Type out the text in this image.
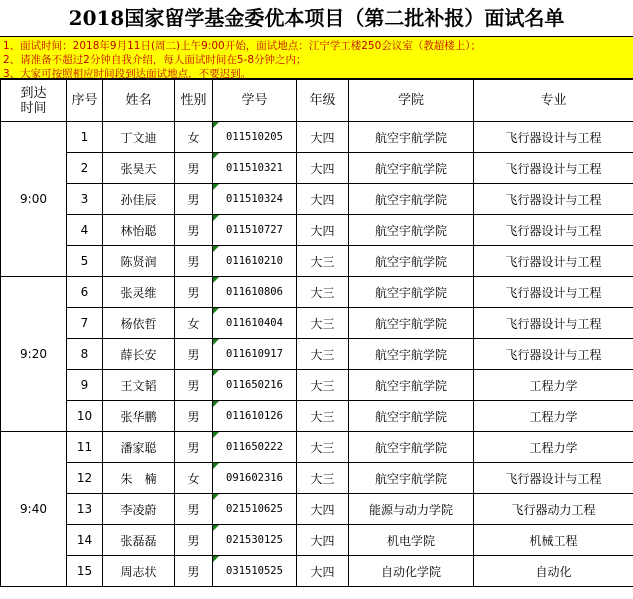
2018国家留学基金委优本项目（第二批补报）面试名单
1、面试时间：2018年9月11日(周二)上午9:00开始，面试地点：江宁学工楼250会议室（教超楼上）；
2、请准备不超过2分钟自我介绍，每人面试时间在5-8分钟之内；
3、大家可按照相应时间段到达面试地点，不要迟到。
到达时间	序号	姓名	性别	学号	年级	学院	专业
9:00	1	丁文迪	女	011510205	大四	航空宇航学院	飞行器设计与工程
	2	张昊天	男	011510321	大四	航空宇航学院	飞行器设计与工程
	3	孙佳辰	男	011510324	大四	航空宇航学院	飞行器设计与工程
	4	林怡聪	男	011510727	大四	航空宇航学院	飞行器设计与工程
	5	陈贤润	男	011610210	大三	航空宇航学院	飞行器设计与工程
9:20	6	张灵维	男	011610806	大三	航空宇航学院	飞行器设计与工程
	7	杨依哲	女	011610404	大三	航空宇航学院	飞行器设计与工程
	8	薛长安	男	011610917	大三	航空宇航学院	飞行器设计与工程
	9	王文韬	男	011650216	大三	航空宇航学院	工程力学
	10	张华鹏	男	011610126	大三	航空宇航学院	工程力学
9:40	11	潘家聪	男	011650222	大三	航空宇航学院	工程力学
	12	朱　楠	女	091602316	大三	航空宇航学院	飞行器设计与工程
	13	李凌蔚	男	021510625	大四	能源与动力学院	飞行器动力工程
	14	张磊磊	男	021530125	大四	机电学院	机械工程
	15	周志状	男	031510525	大四	自动化学院	自动化
